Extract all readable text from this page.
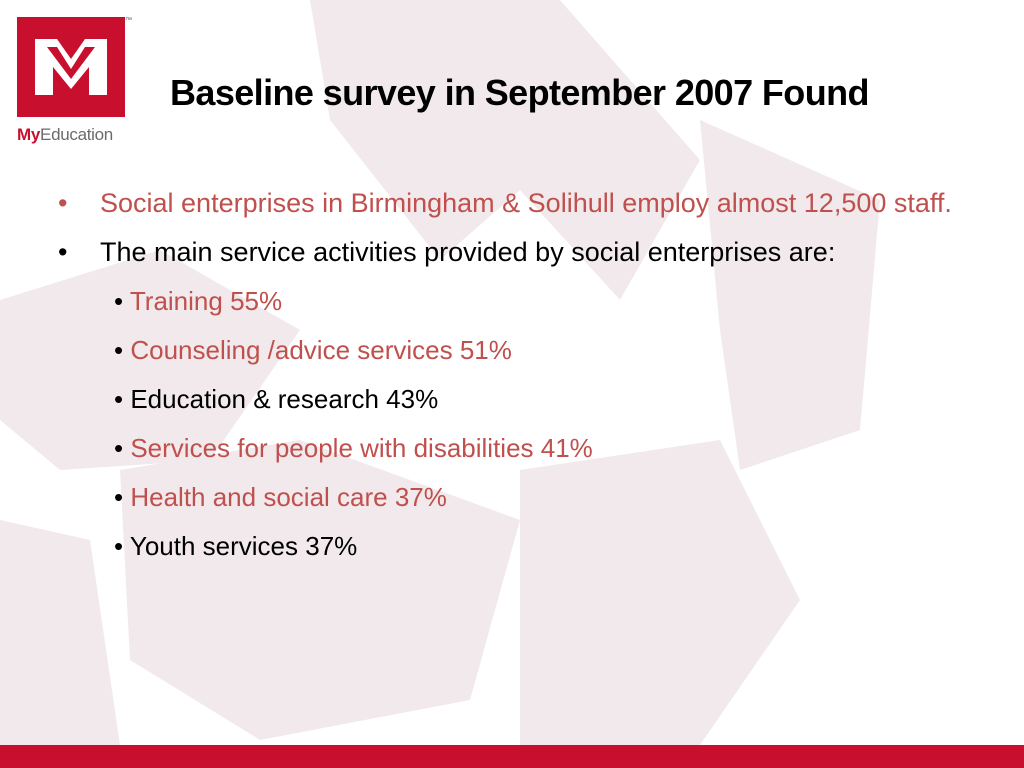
™
MyEducation
Baseline survey in September 2007 Found
• Social enterprises in Birmingham & Solihull employ almost 12,500 staff.
• The main service activities provided by social enterprises are:
• Training 55%
• Counseling /advice services 51%
• Education & research 43%
• Services for people with disabilities 41%
• Health and social care 37%
• Youth services 37%
